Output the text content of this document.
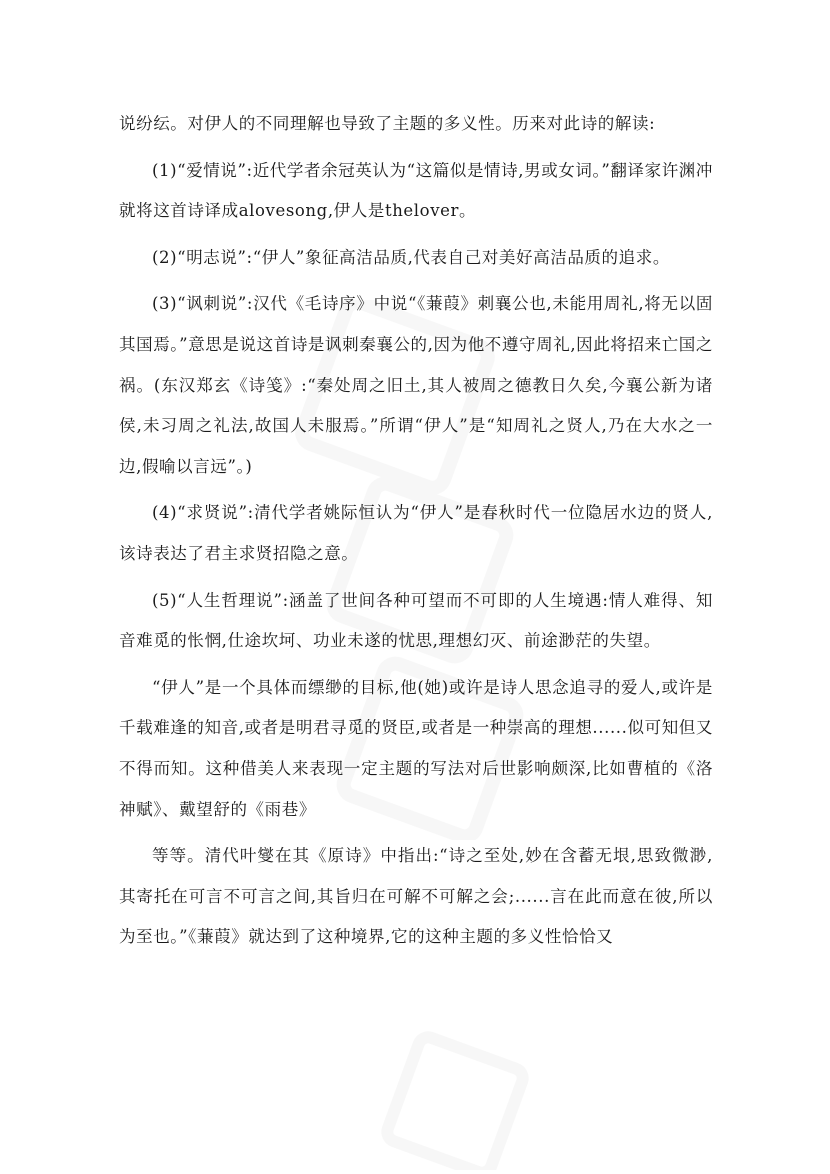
说纷纭。对伊人的不同理解也导致了主题的多义性。历来对此诗的解读:

(1)“爱情说”:近代学者余冠英认为“这篇似是情诗,男或女词。”翻译家许渊冲就将这首诗译成alovesong,伊人是thelover。

(2)“明志说”:“伊人”象征高洁品质,代表自己对美好高洁品质的追求。

(3)“讽刺说”:汉代《毛诗序》中说“《蒹葭》刺襄公也,未能用周礼,将无以固其国焉。”意思是说这首诗是讽刺秦襄公的,因为他不遵守周礼,因此将招来亡国之祸。(东汉郑玄《诗笺》:“秦处周之旧土,其人被周之德教日久矣,今襄公新为诸侯,未习周之礼法,故国人未服焉。”所谓“伊人”是“知周礼之贤人,乃在大水之一边,假喻以言远”。)

(4)“求贤说”:清代学者姚际恒认为“伊人”是春秋时代一位隐居水边的贤人,该诗表达了君主求贤招隐之意。

(5)“人生哲理说”:涵盖了世间各种可望而不可即的人生境遇:情人难得、知音难觅的怅惘,仕途坎坷、功业未遂的忧思,理想幻灭、前途渺茫的失望。

“伊人”是一个具体而缥缈的目标,他(她)或许是诗人思念追寻的爱人,或许是千载难逢的知音,或者是明君寻觅的贤臣,或者是一种崇高的理想......似可知但又不得而知。这种借美人来表现一定主题的写法对后世影响颇深,比如曹植的《洛神赋》、戴望舒的《雨巷》

等等。清代叶燮在其《原诗》中指出:“诗之至处,妙在含蓄无垠,思致微渺,其寄托在可言不可言之间,其旨归在可解不可解之会;......言在此而意在彼,所以为至也。”《蒹葭》就达到了这种境界,它的这种主题的多义性恰恰又
